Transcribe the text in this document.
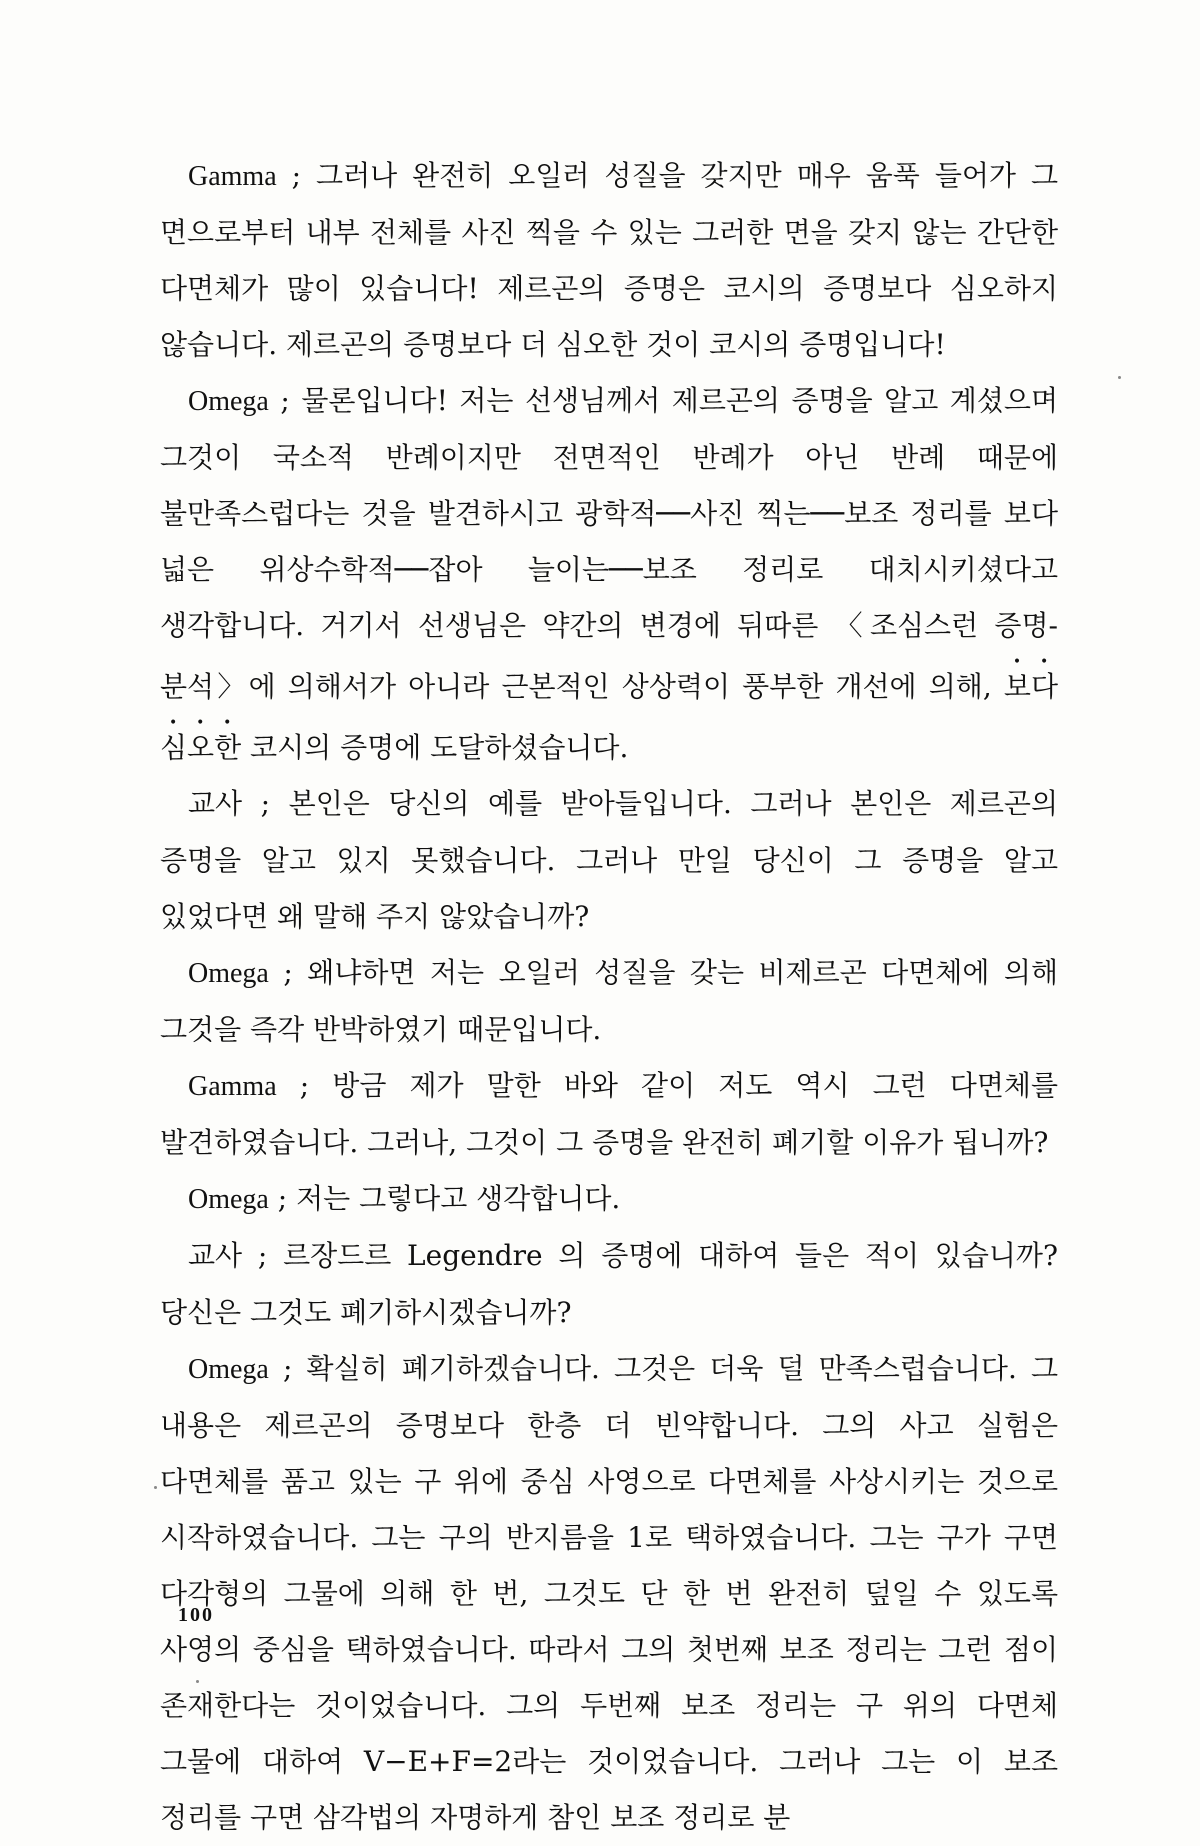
Gamma ; 그러나 완전히 오일러 성질을 갖지만 매우 움푹 들어가 그 면으로부터 내부 전체를 사진 찍을 수 있는 그러한 면을 갖지 않는 간단한 다면체가 많이 있습니다! 제르곤의 증명은 코시의 증명보다 심오하지 않습니다. 제르곤의 증명보다 더 심오한 것이 코시의 증명입니다!

Omega ; 물론입니다! 저는 선생님께서 제르곤의 증명을 알고 계셨으며 그것이 국소적 반례이지만 전면적인 반례가 아닌 반례 때문에 불만족스럽다는 것을 발견하시고 광학적──사진 찍는──보조 정리를 보다 넓은 위상수학적──잡아 늘이는──보조 정리로 대치시키셨다고 생각합니다. 거기서 선생님은 약간의 변경에 뒤따른 〈조심스런 증명-분석〉에 의해서가 아니라 근본적인 상상력이 풍부한 개선에 의해, 보다 심오한 코시의 증명에 도달하셨습니다.

교사 ; 본인은 당신의 예를 받아들입니다. 그러나 본인은 제르곤의 증명을 알고 있지 못했습니다. 그러나 만일 당신이 그 증명을 알고 있었다면 왜 말해 주지 않았습니까?

Omega ; 왜냐하면 저는 오일러 성질을 갖는 비제르곤 다면체에 의해 그것을 즉각 반박하였기 때문입니다.

Gamma ; 방금 제가 말한 바와 같이 저도 역시 그런 다면체를 발견하였습니다. 그러나, 그것이 그 증명을 완전히 폐기할 이유가 됩니까?

Omega ; 저는 그렇다고 생각합니다.

교사 ; 르장드르 Legendre 의 증명에 대하여 들은 적이 있습니까? 당신은 그것도 폐기하시겠습니까?

Omega ; 확실히 폐기하겠습니다. 그것은 더욱 덜 만족스럽습니다. 그 내용은 제르곤의 증명보다 한층 더 빈약합니다. 그의 사고 실험은 다면체를 품고 있는 구 위에 중심 사영으로 다면체를 사상시키는 것으로 시작하였습니다. 그는 구의 반지름을 1로 택하였습니다. 그는 구가 구면 다각형의 그물에 의해 한 번, 그것도 단 한 번 완전히 덮일 수 있도록 사영의 중심을 택하였습니다. 따라서 그의 첫번째 보조 정리는 그런 점이 존재한다는 것이었습니다. 그의 두번째 보조 정리는 구 위의 다면체 그물에 대하여 V−E+F=2라는 것이었습니다. 그러나 그는 이 보조 정리를 구면 삼각법의 자명하게 참인 보조 정리로 분

100
